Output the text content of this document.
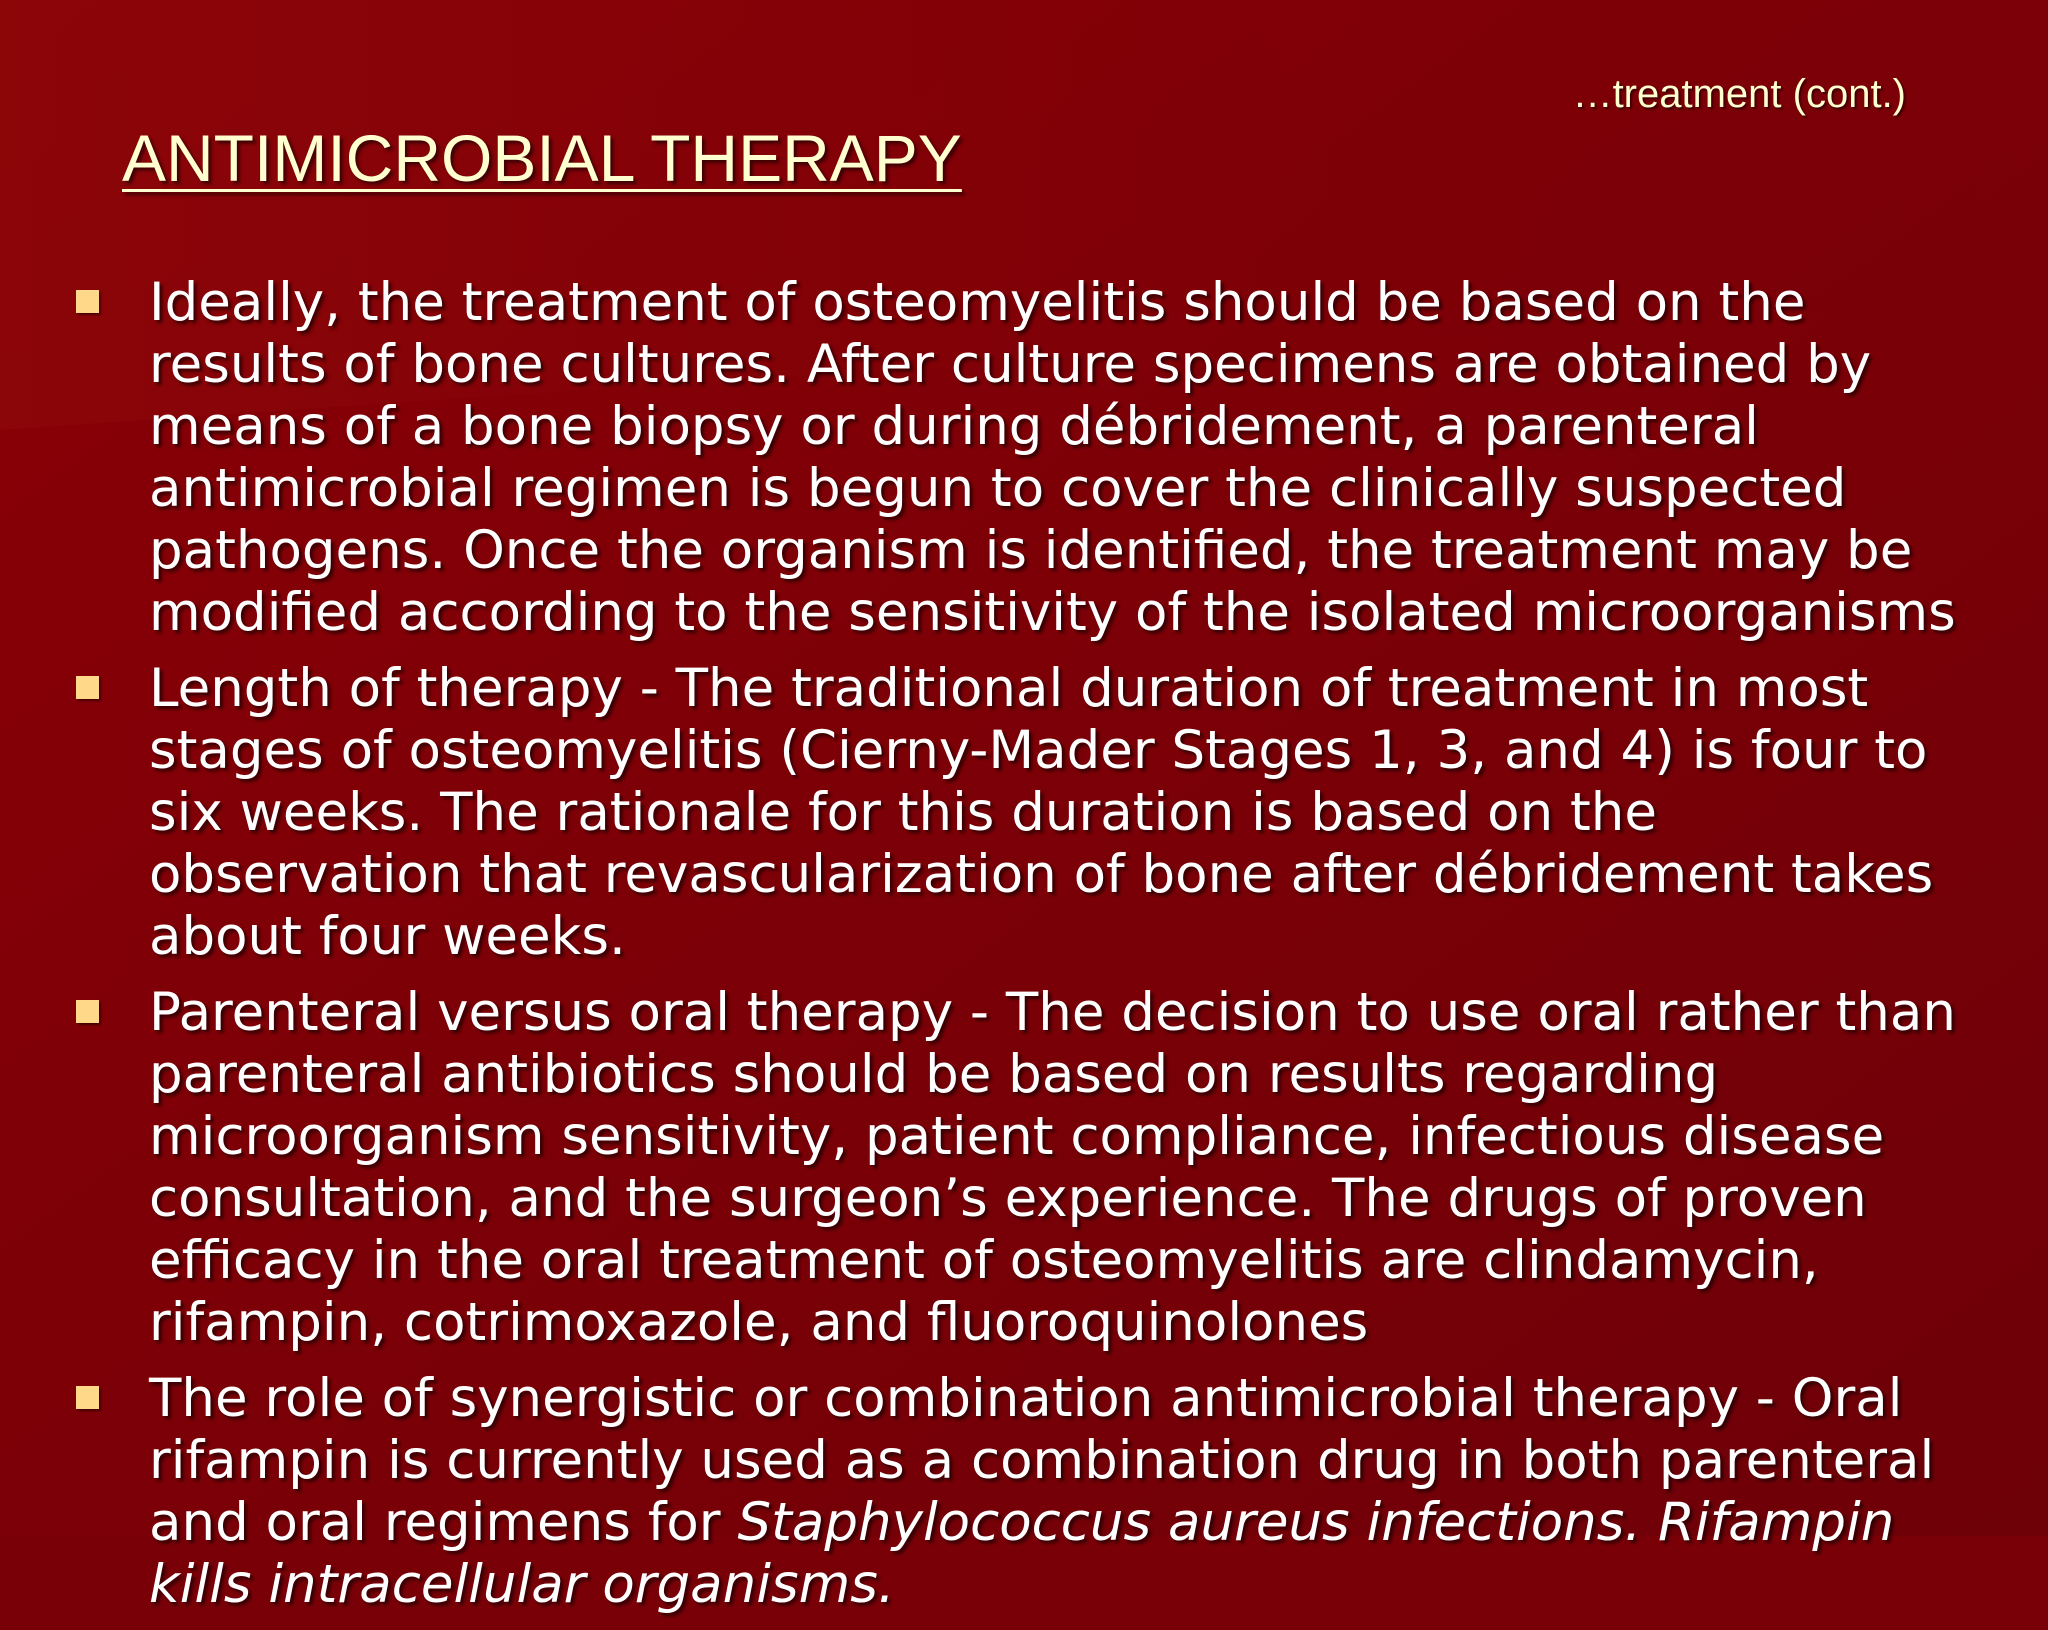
…treatment (cont.)
ANTIMICROBIAL THERAPY
Ideally, the treatment of osteomyelitis should be based on the results of bone cultures. After culture specimens are obtained by means of a bone biopsy or during débridement, a parenteral antimicrobial regimen is begun to cover the clinically suspected pathogens. Once the organism is identified, the treatment may be modified according to the sensitivity of the isolated microorganisms
Length of therapy - The traditional duration of treatment in most stages of osteomyelitis (Cierny-Mader Stages 1, 3, and 4) is four to six weeks. The rationale for this duration is based on the observation that revascularization of bone after débridement takes about four weeks.
Parenteral versus oral therapy - The decision to use oral rather than parenteral antibiotics should be based on results regarding microorganism sensitivity, patient compliance, infectious disease consultation, and the surgeon’s experience. The drugs of proven efficacy in the oral treatment of osteomyelitis are clindamycin, rifampin, cotrimoxazole, and fluoroquinolones
The role of synergistic or combination antimicrobial therapy - Oral rifampin is currently used as a combination drug in both parenteral and oral regimens for Staphylococcus aureus infections. Rifampin kills intracellular organisms.
